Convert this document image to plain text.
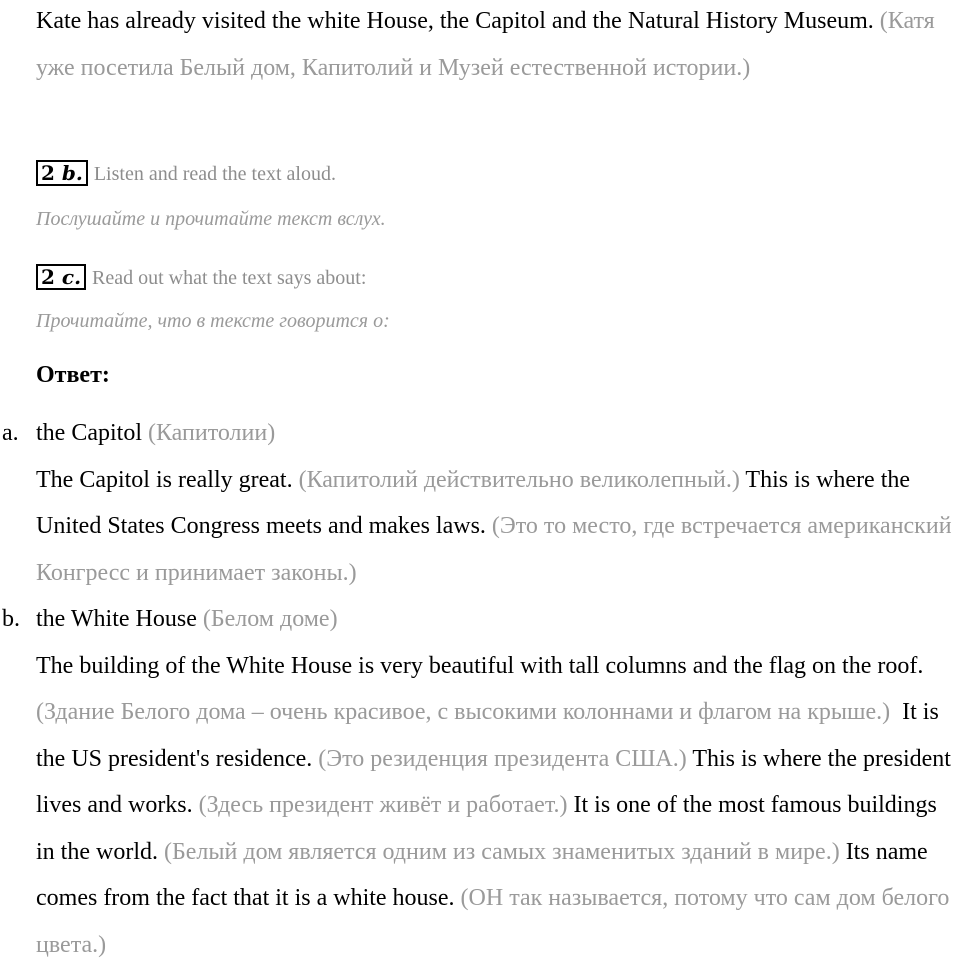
Kate has already visited the white House, the Capitol and the Natural History Museum. (Катя уже посетила Белый дом, Капитолий и Музей естественной истории.)

2 b. Listen and read the text aloud.

Послушайте и прочитайте текст вслух.

2 c. Read out what the text says about:

Прочитайте, что в тексте говорится о:

Ответ:

a. the Capitol (Капитолии)
The Capitol is really great. (Капитолий действительно великолепный.) This is where the United States Congress meets and makes laws. (Это то место, где встречается американский Конгресс и принимает законы.)

b. the White House (Белом доме)
The building of the White House is very beautiful with tall columns and the flag on the roof. (Здание Белого дома – очень красивое, с высокими колоннами и флагом на крыше.) It is the US president's residence. (Это резиденция президента США.) This is where the president lives and works. (Здесь президент живёт и работает.) It is one of the most famous buildings in the world. (Белый дом является одним из самых знаменитых зданий в мире.) Its name comes from the fact that it is a white house. (ОН так называется, потому что сам дом белого цвета.)
